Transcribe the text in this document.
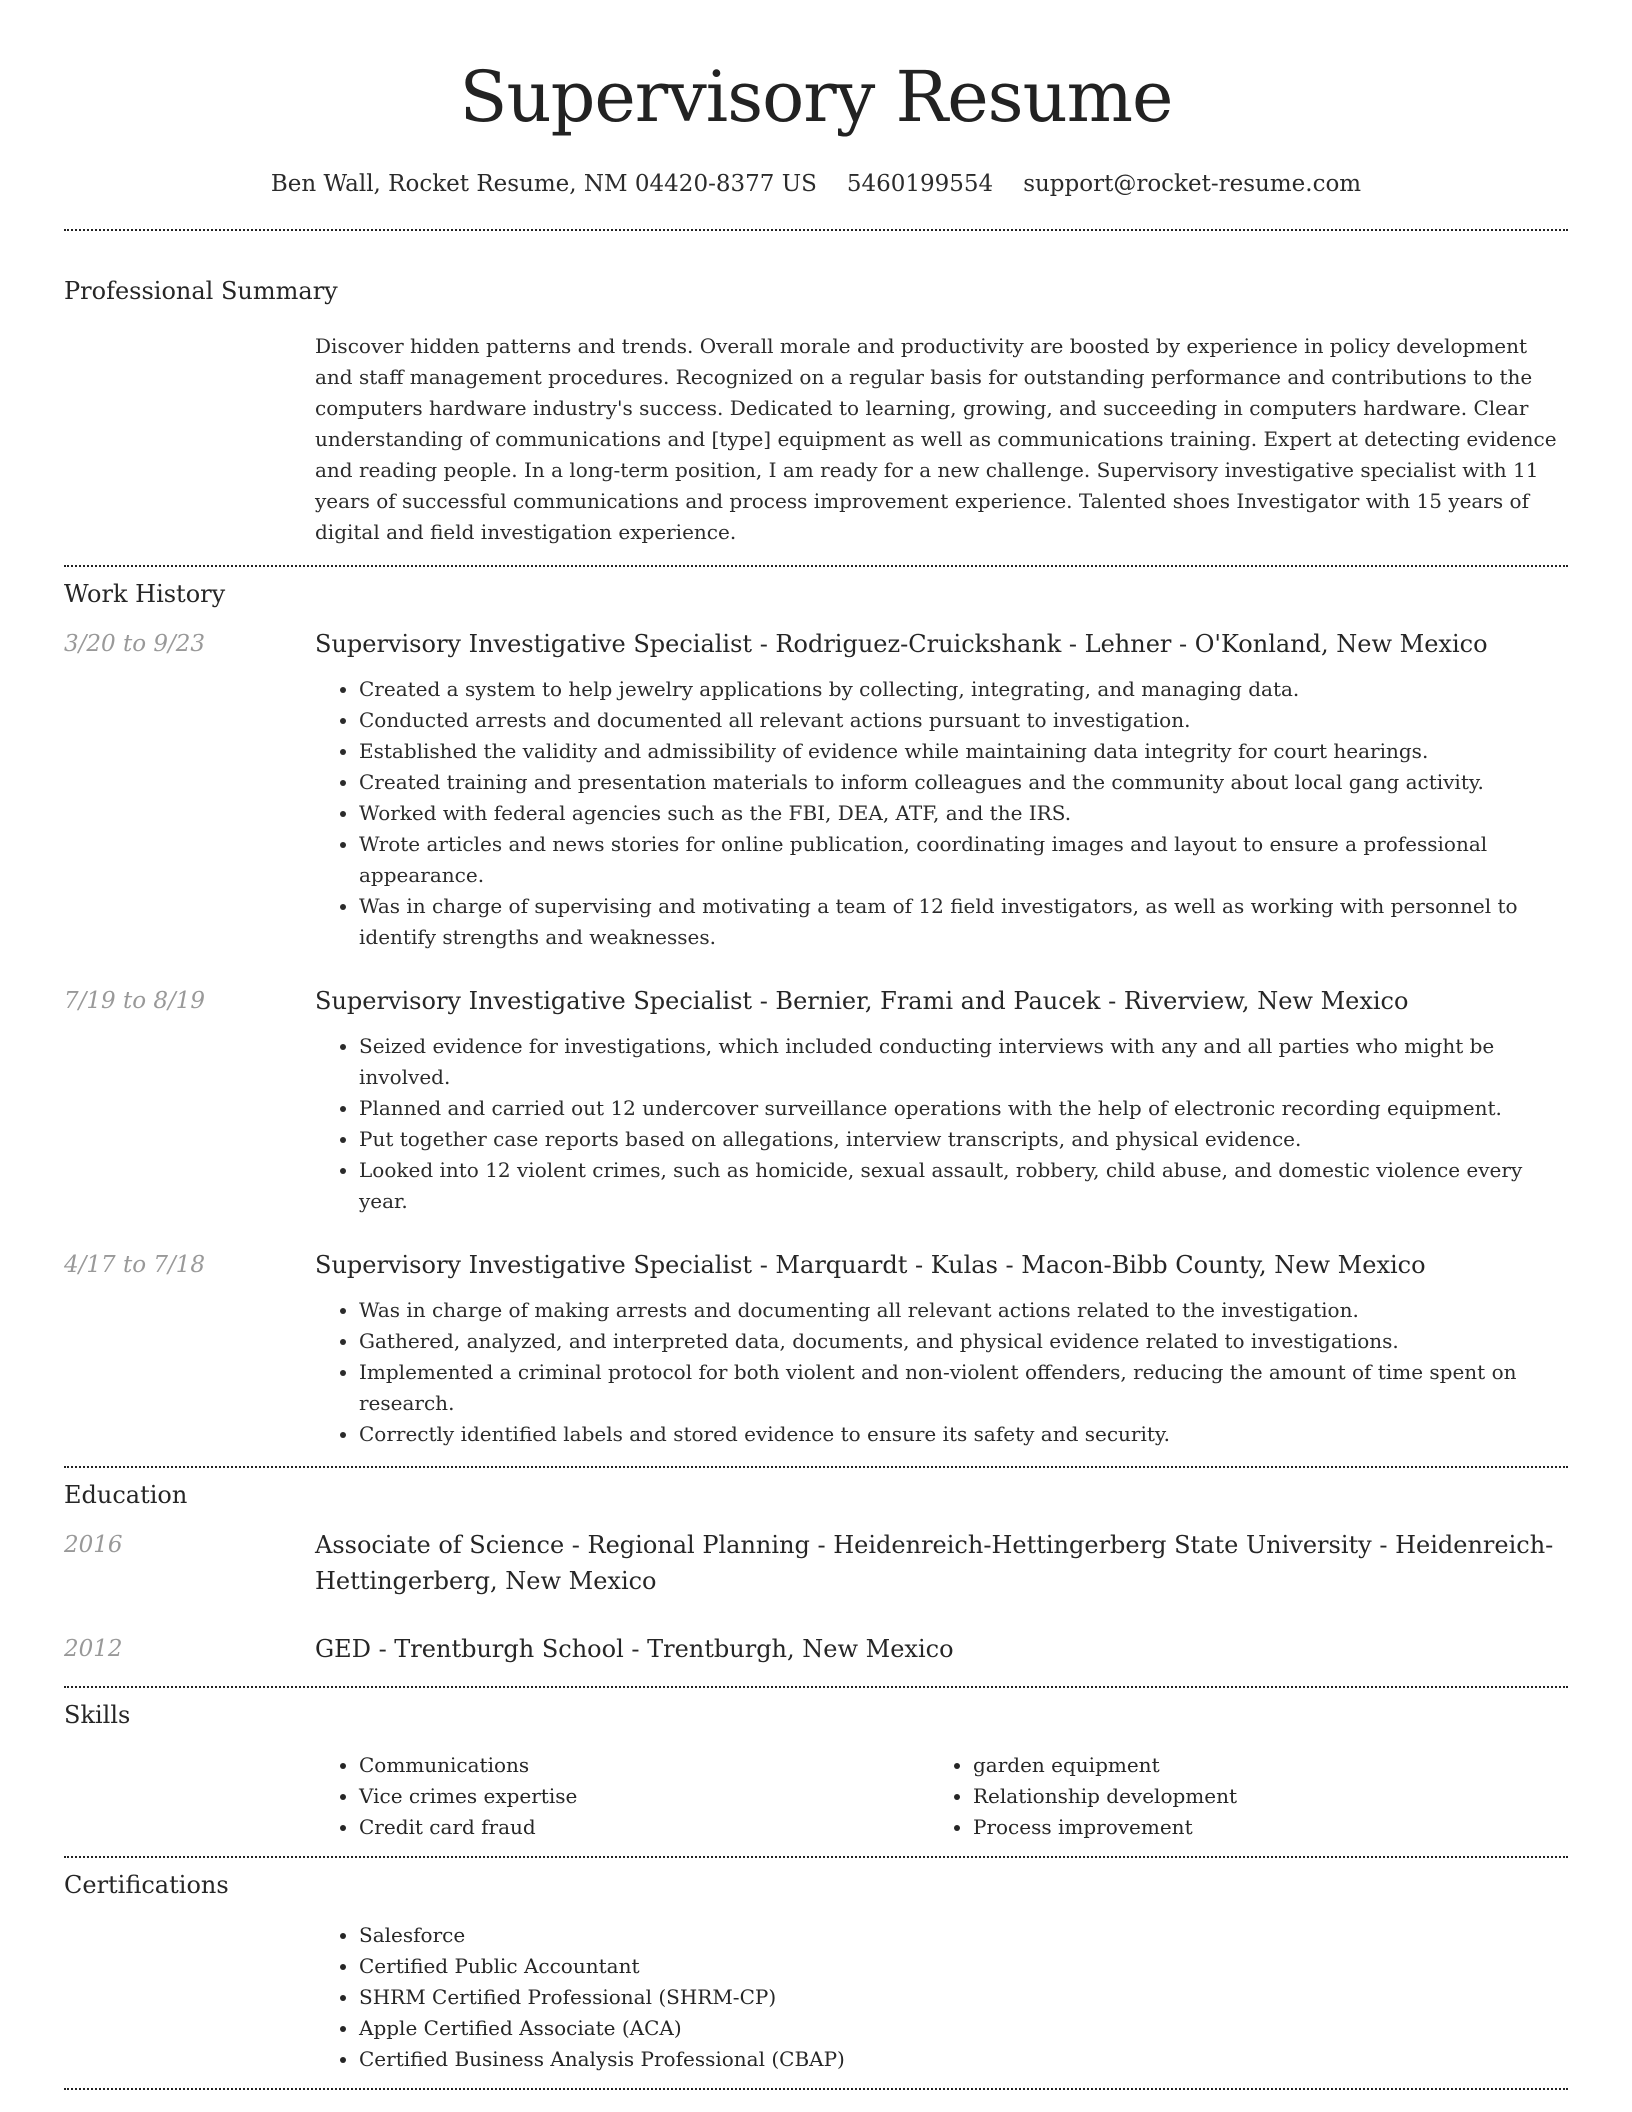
Supervisory Resume
Ben Wall, Rocket Resume, NM 04420-8377 US 5460199554 support@rocket-resume.com
Professional Summary

Discover hidden patterns and trends. Overall morale and productivity are boosted by experience in policy development and staff management procedures. Recognized on a regular basis for outstanding performance and contributions to the computers hardware industry's success. Dedicated to learning, growing, and succeeding in computers hardware. Clear understanding of communications and [type] equipment as well as communications training. Expert at detecting evidence and reading people. In a long-term position, I am ready for a new challenge. Supervisory investigative specialist with 11 years of successful communications and process improvement experience. Talented shoes Investigator with 15 years of digital and field investigation experience.

Work History
3/20 to 9/23	Supervisory Investigative Specialist - Rodriguez-Cruickshank - Lehner - O'Konland, New Mexico
• Created a system to help jewelry applications by collecting, integrating, and managing data.
• Conducted arrests and documented all relevant actions pursuant to investigation.
• Established the validity and admissibility of evidence while maintaining data integrity for court hearings.
• Created training and presentation materials to inform colleagues and the community about local gang activity.
• Worked with federal agencies such as the FBI, DEA, ATF, and the IRS.
• Wrote articles and news stories for online publication, coordinating images and layout to ensure a professional appearance.
• Was in charge of supervising and motivating a team of 12 field investigators, as well as working with personnel to identify strengths and weaknesses.
7/19 to 8/19	Supervisory Investigative Specialist - Bernier, Frami and Paucek - Riverview, New Mexico
• Seized evidence for investigations, which included conducting interviews with any and all parties who might be involved.
• Planned and carried out 12 undercover surveillance operations with the help of electronic recording equipment.
• Put together case reports based on allegations, interview transcripts, and physical evidence.
• Looked into 12 violent crimes, such as homicide, sexual assault, robbery, child abuse, and domestic violence every year.
4/17 to 7/18	Supervisory Investigative Specialist - Marquardt - Kulas - Macon-Bibb County, New Mexico
• Was in charge of making arrests and documenting all relevant actions related to the investigation.
• Gathered, analyzed, and interpreted data, documents, and physical evidence related to investigations.
• Implemented a criminal protocol for both violent and non-violent offenders, reducing the amount of time spent on research.
• Correctly identified labels and stored evidence to ensure its safety and security.
Education
2016	Associate of Science - Regional Planning - Heidenreich-Hettingerberg State University - Heidenreich-Hettingerberg, New Mexico
2012	GED - Trentburgh School - Trentburgh, New Mexico
Skills
• Communications
• Vice crimes expertise
• Credit card fraud
• garden equipment
• Relationship development
• Process improvement
Certifications
• Salesforce
• Certified Public Accountant
• SHRM Certified Professional (SHRM-CP)
• Apple Certified Associate (ACA)
• Certified Business Analysis Professional (CBAP)
